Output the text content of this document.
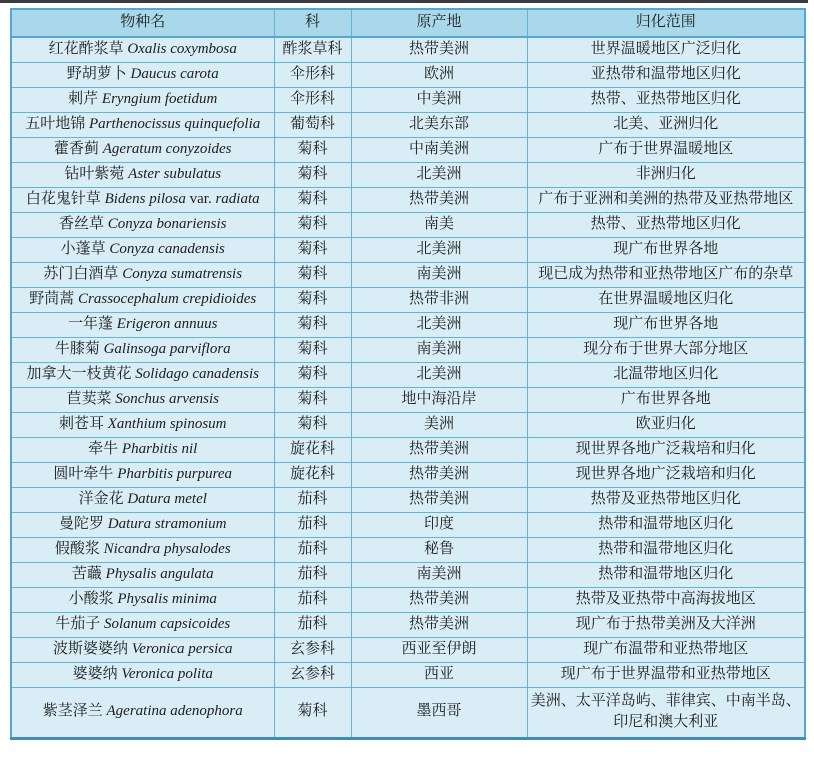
物种名	科	原产地	归化范围
红花酢浆草 Oxalis coxymbosa	酢浆草科	热带美洲	世界温暖地区广泛归化
野胡萝卜 Daucus carota	伞形科	欧洲	亚热带和温带地区归化
刺芹 Eryngium foetidum	伞形科	中美洲	热带、亚热带地区归化
五叶地锦 Parthenocissus quinquefolia	葡萄科	北美东部	北美、亚洲归化
藿香蓟 Ageratum conyzoides	菊科	中南美洲	广布于世界温暖地区
钻叶紫菀 Aster subulatus	菊科	北美洲	非洲归化
白花鬼针草 Bidens pilosa var. radiata	菊科	热带美洲	广布于亚洲和美洲的热带及亚热带地区
香丝草 Conyza bonariensis	菊科	南美	热带、亚热带地区归化
小蓬草 Conyza canadensis	菊科	北美洲	现广布世界各地
苏门白酒草 Conyza sumatrensis	菊科	南美洲	现已成为热带和亚热带地区广布的杂草
野茼蒿 Crassocephalum crepidioides	菊科	热带非洲	在世界温暖地区归化
一年蓬 Erigeron annuus	菊科	北美洲	现广布世界各地
牛膝菊 Galinsoga parviflora	菊科	南美洲	现分布于世界大部分地区
加拿大一枝黄花 Solidago canadensis	菊科	北美洲	北温带地区归化
苣荬菜 Sonchus arvensis	菊科	地中海沿岸	广布世界各地
刺苍耳 Xanthium spinosum	菊科	美洲	欧亚归化
牵牛 Pharbitis nil	旋花科	热带美洲	现世界各地广泛栽培和归化
圆叶牵牛 Pharbitis purpurea	旋花科	热带美洲	现世界各地广泛栽培和归化
洋金花 Datura metel	茄科	热带美洲	热带及亚热带地区归化
曼陀罗 Datura stramonium	茄科	印度	热带和温带地区归化
假酸浆 Nicandra physalodes	茄科	秘鲁	热带和温带地区归化
苦蘵 Physalis angulata	茄科	南美洲	热带和温带地区归化
小酸浆 Physalis minima	茄科	热带美洲	热带及亚热带中高海拔地区
牛茄子 Solanum capsicoides	茄科	热带美洲	现广布于热带美洲及大洋洲
波斯婆婆纳 Veronica persica	玄参科	西亚至伊朗	现广布温带和亚热带地区
婆婆纳 Veronica polita	玄参科	西亚	现广布于世界温带和亚热带地区
紫茎泽兰 Ageratina adenophora	菊科	墨西哥	美洲、太平洋岛屿、菲律宾、中南半岛、印尼和澳大利亚
